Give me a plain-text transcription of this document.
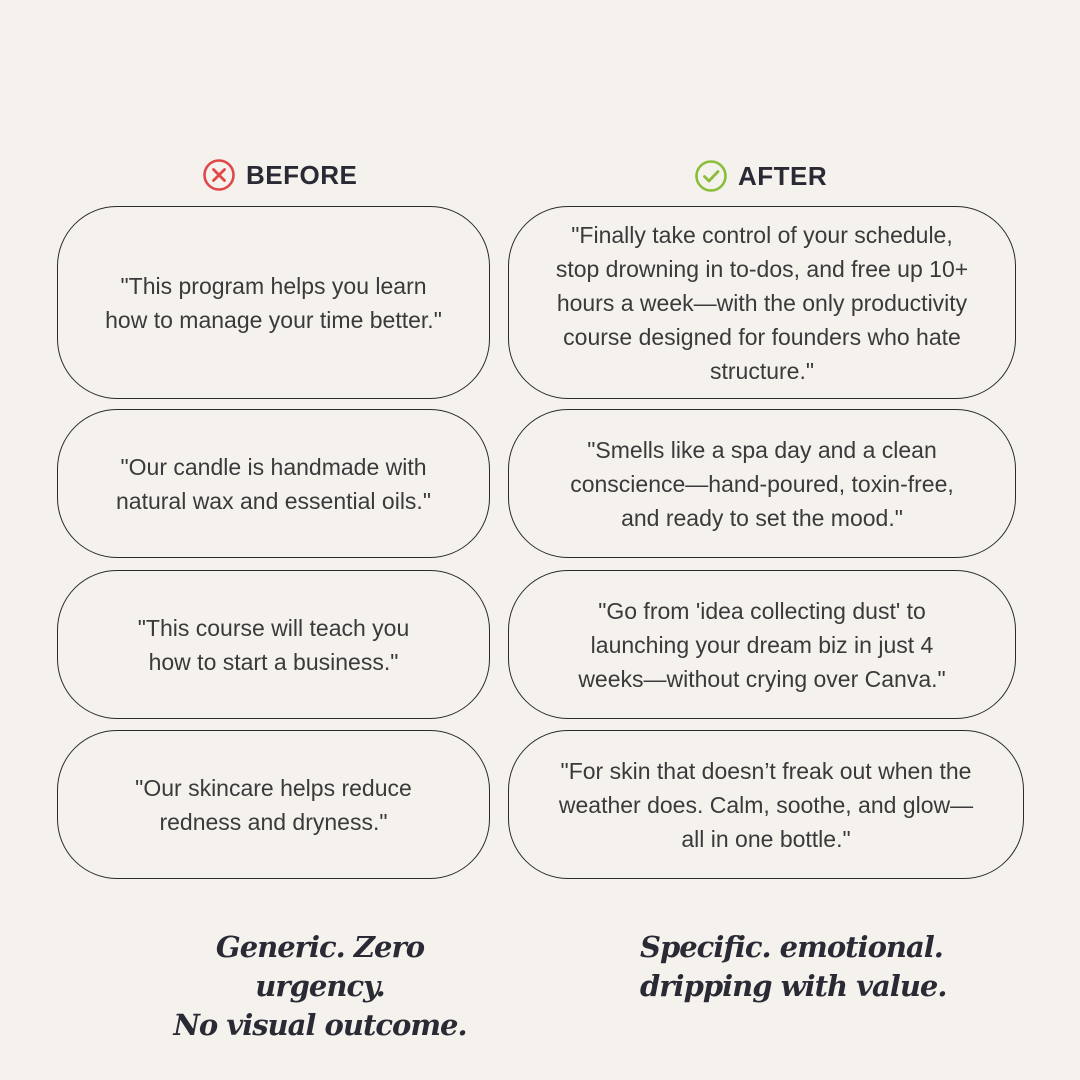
BEFORE	AFTER
"This program helps you learn how to manage your time better."
"Our candle is handmade with natural wax and essential oils."
"This course will teach you how to start a business."
"Our skincare helps reduce redness and dryness."
"Finally take control of your schedule, stop drowning in to-dos, and free up 10+ hours a week—with the only productivity course designed for founders who hate structure."
"Smells like a spa day and a clean conscience—hand-poured, toxin-free, and ready to set the mood."
"Go from 'idea collecting dust' to launching your dream biz in just 4 weeks—without crying over Canva."
"For skin that doesn’t freak out when the weather does. Calm, soothe, and glow—all in one bottle."
Generic. Zero urgency.
No visual outcome.
Specific. emotional.
dripping with value.
